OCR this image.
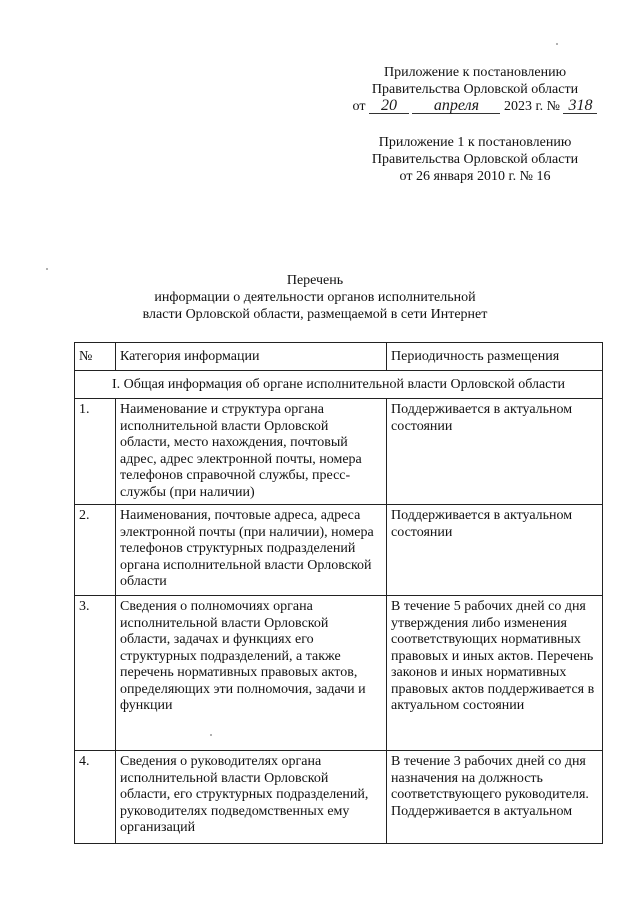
Приложение к постановлению
Правительства Орловской области
от 20 апреля 2023 г. № 318
Приложение 1 к постановлению
Правительства Орловской области
от 26 января 2010 г. № 16
Перечень
информации о деятельности органов исполнительной
власти Орловской области, размещаемой в сети Интернет
№	Категория информации	Периодичность размещения
I. Общая информация об органе исполнительной власти Орловской области		
1.	Наименование и структура органа исполнительной власти Орловской области, место нахождения, почтовый адрес, адрес электронной почты, номера телефонов справочной службы, пресс-службы (при наличии)	Поддерживается в актуальном состоянии
2.	Наименования, почтовые адреса, адреса электронной почты (при наличии), номера телефонов структурных подразделений органа исполнительной власти Орловской области	Поддерживается в актуальном состоянии
3.	Сведения о полномочиях органа исполнительной власти Орловской области, задачах и функциях его структурных подразделений, а также перечень нормативных правовых актов, определяющих эти полномочия, задачи и функции	В течение 5 рабочих дней со дня утверждения либо изменения соответствующих нормативных правовых и иных актов. Перечень законов и иных нормативных правовых актов поддерживается в актуальном состоянии
4.	Сведения о руководителях органа исполнительной власти Орловской области, его структурных подразделений, руководителях подведомственных ему организаций	В течение 3 рабочих дней со дня назначения на должность соответствующего руководителя. Поддерживается в актуальном
